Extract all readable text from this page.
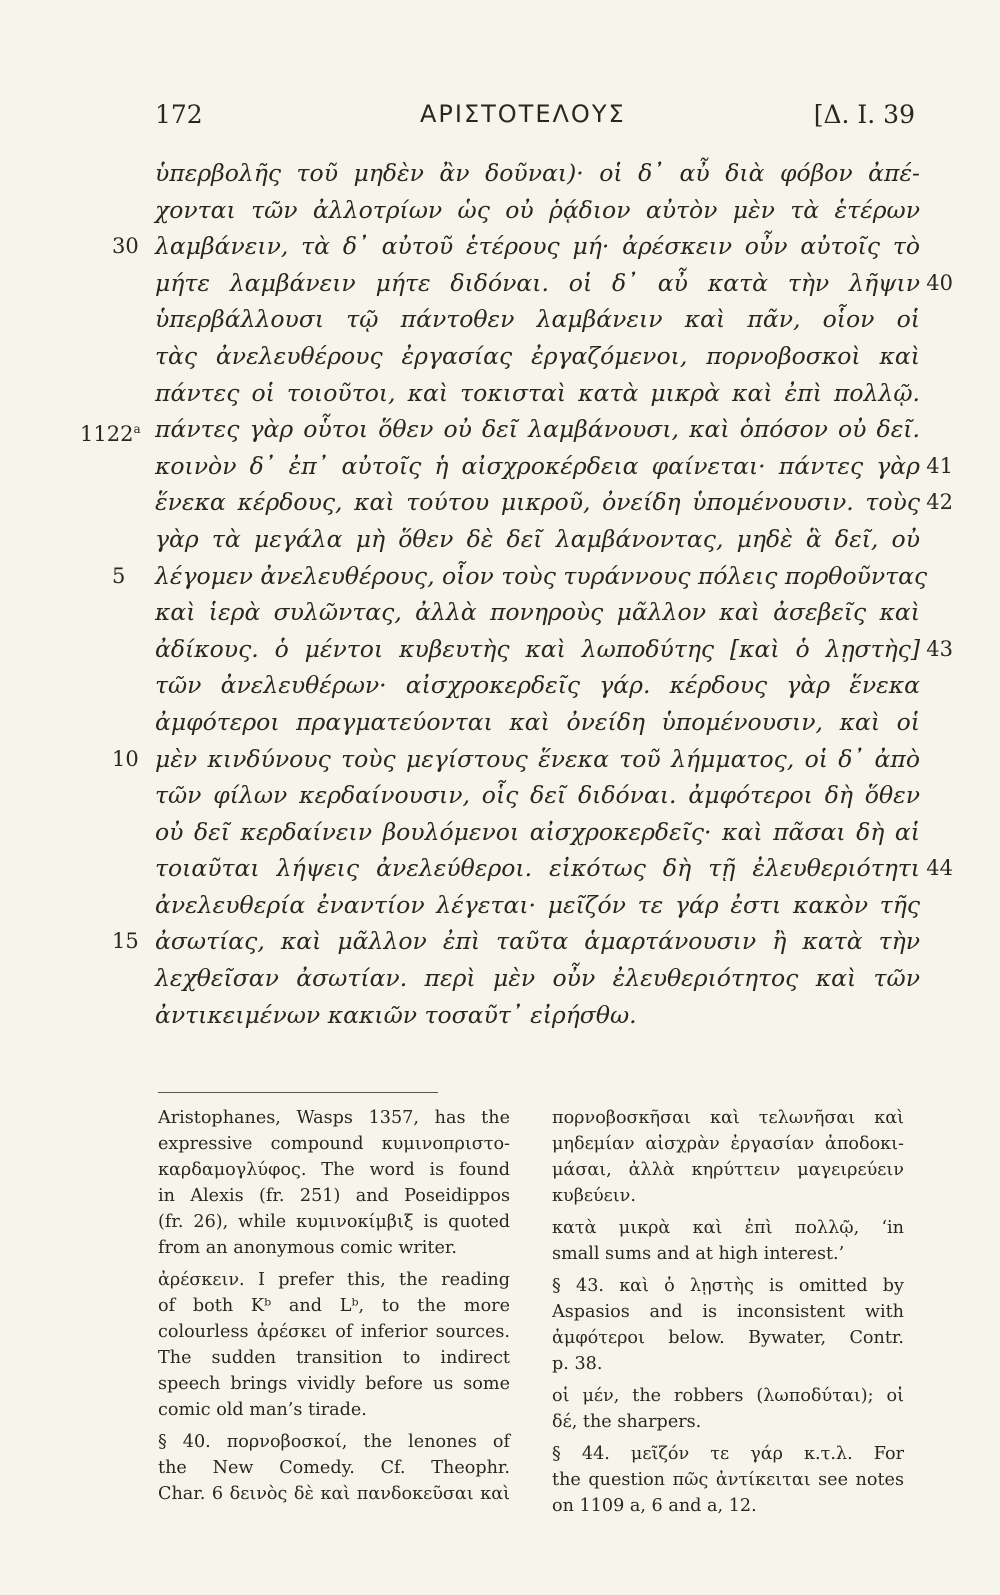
172	ΑΡΙΣΤΟΤΕΛΟΥΣ	[Δ. I. 39
ὑπερβολῆς τοῦ μηδὲν ἂν δοῦναι)· οἱ δ᾽ αὖ διὰ φόβον ἀπέ-
χονται τῶν ἀλλοτρίων ὡς οὐ ῥᾴδιον αὐτὸν μὲν τὰ ἑτέρων
30 λαμβάνειν, τὰ δ᾽ αὐτοῦ ἑτέρους μή· ἀρέσκειν οὖν αὐτοῖς τὸ
μήτε λαμβάνειν μήτε διδόναι. οἱ δ᾽ αὖ κατὰ τὴν λῆψιν 40
ὑπερβάλλουσι τῷ πάντοθεν λαμβάνειν καὶ πᾶν, οἷον οἱ
τὰς ἀνελευθέρους ἐργασίας ἐργαζόμενοι, πορνοβοσκοὶ καὶ
πάντες οἱ τοιοῦτοι, καὶ τοκισταὶ κατὰ μικρὰ καὶ ἐπὶ πολλῷ.
1122$^a$ πάντες γὰρ οὗτοι ὅθεν οὐ δεῖ λαμβάνουσι, καὶ ὁπόσον οὐ δεῖ.
κοινὸν δ᾽ ἐπ᾽ αὐτοῖς ἡ αἰσχροκέρδεια φαίνεται· πάντες γὰρ 41
ἕνεκα κέρδους, καὶ τούτου μικροῦ, ὀνείδη ὑπομένουσιν. τοὺς 42
γὰρ τὰ μεγάλα μὴ ὅθεν δὲ δεῖ λαμβάνοντας, μηδὲ ἃ δεῖ, οὐ
5 λέγομεν ἀνελευθέρους, οἷον τοὺς τυράννους πόλεις πορθοῦντας
καὶ ἱερὰ συλῶντας, ἀλλὰ πονηροὺς μᾶλλον καὶ ἀσεβεῖς καὶ
ἀδίκους. ὁ μέντοι κυβευτὴς καὶ λωποδύτης [καὶ ὁ λῃστὴς] 43
τῶν ἀνελευθέρων· αἰσχροκερδεῖς γάρ. κέρδους γὰρ ἕνεκα
ἀμφότεροι πραγματεύονται καὶ ὀνείδη ὑπομένουσιν, καὶ οἱ
10 μὲν κινδύνους τοὺς μεγίστους ἕνεκα τοῦ λήμματος, οἱ δ᾽ ἀπὸ
τῶν φίλων κερδαίνουσιν, οἷς δεῖ διδόναι. ἀμφότεροι δὴ ὅθεν
οὐ δεῖ κερδαίνειν βουλόμενοι αἰσχροκερδεῖς· καὶ πᾶσαι δὴ αἱ
τοιαῦται λήψεις ἀνελεύθεροι. εἰκότως δὴ τῇ ἐλευθεριότητι 44
ἀνελευθερία ἐναντίον λέγεται· μεῖζόν τε γάρ ἐστι κακὸν τῆς
15 ἀσωτίας, καὶ μᾶλλον ἐπὶ ταῦτα ἁμαρτάνουσιν ἢ κατὰ τὴν
λεχθεῖσαν ἀσωτίαν. περὶ μὲν οὖν ἐλευθεριότητος καὶ τῶν
ἀντικειμένων κακιῶν τοσαῦτ᾽ εἰρήσθω.
Aristophanes, Wasps 1357, has the
expressive compound κυμινοπριστο-
καρδαμογλύφος. The word is found
in Alexis (fr. 251) and Poseidippos
(fr. 26), while κυμινοκίμβιξ is quoted
from an anonymous comic writer.
ἀρέσκειν. I prefer this, the reading
of both Kᵇ and Lᵇ, to the more
colourless ἀρέσκει of inferior sources.
The sudden transition to indirect
speech brings vividly before us some
comic old man’s tirade.
§ 40. πορνοβοσκοί, the lenones of
the New Comedy. Cf. Theophr.
Char. 6 δεινὸς δὲ καὶ πανδοκεῦσαι καὶ
πορνοβοσκῆσαι καὶ τελωνῆσαι καὶ
μηδεμίαν αἰσχρὰν ἐργασίαν ἀποδοκι-
μάσαι, ἀλλὰ κηρύττειν μαγειρεύειν
κυβεύειν.
κατὰ μικρὰ καὶ ἐπὶ πολλῷ, ‘in
small sums and at high interest.’
§ 43. καὶ ὁ λῃστὴς is omitted by
Aspasios and is inconsistent with
ἀμφότεροι below. Bywater, Contr.
p. 38.
οἱ μέν, the robbers (λωποδύται); οἱ
δέ, the sharpers.
§ 44. μεῖζόν τε γάρ κ.τ.λ. For
the question πῶς ἀντίκειται see notes
on 1109 a, 6 and a, 12.
